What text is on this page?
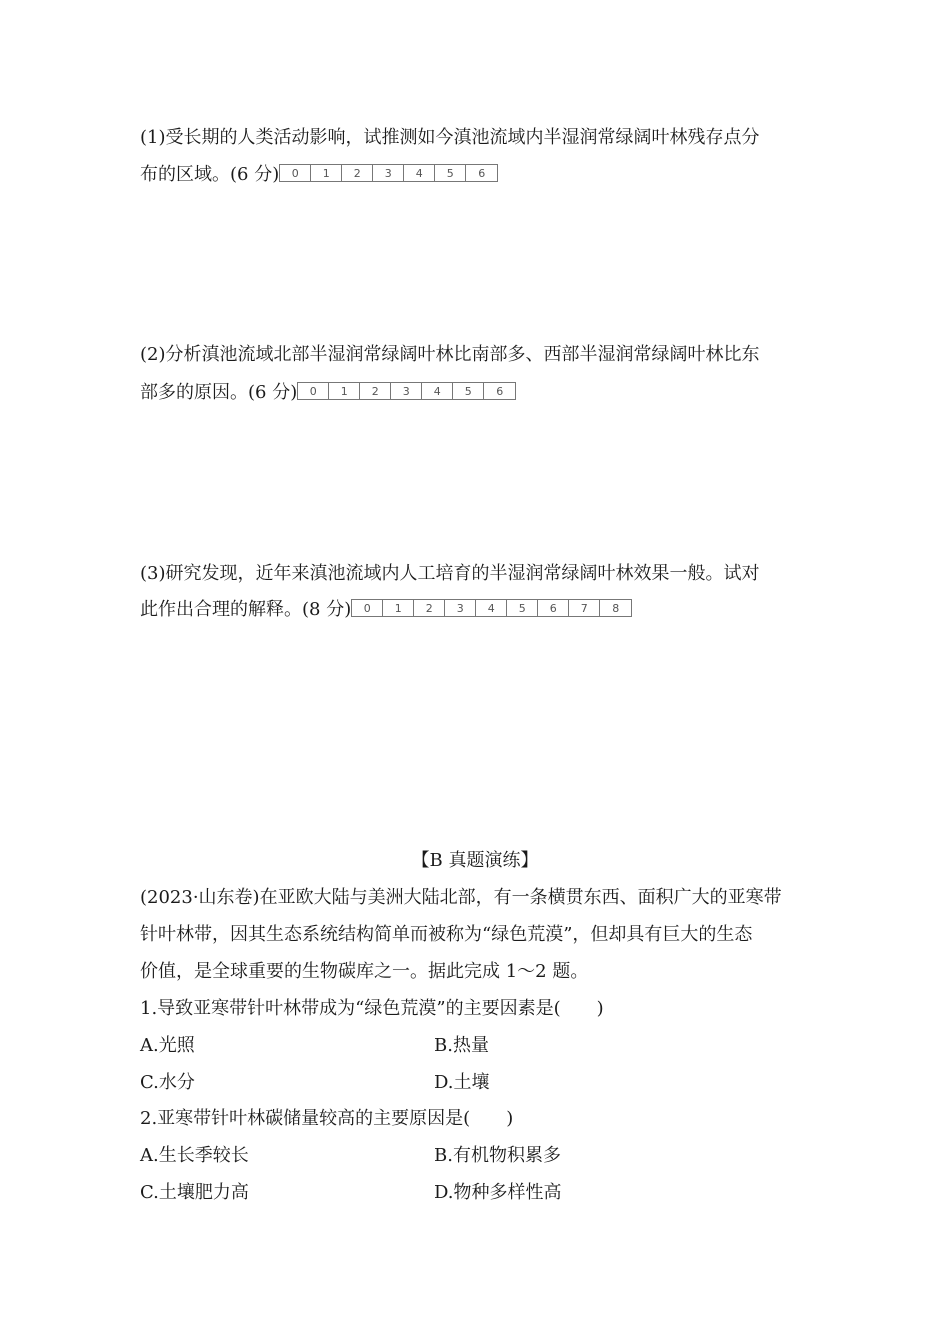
(1)受长期的人类活动影响，试推测如今滇池流域内半湿润常绿阔叶林残存点分
布的区域。(6 分)	0	1	2	3	4	5	6
(2)分析滇池流域北部半湿润常绿阔叶林比南部多、西部半湿润常绿阔叶林比东
部多的原因。(6 分)	0	1	2	3	4	5	6
(3)研究发现，近年来滇池流域内人工培育的半湿润常绿阔叶林效果一般。试对
此作出合理的解释。(8 分)	0	1	2	3	4	5	6	7	8
【B 真题演练】
(2023·山东卷)在亚欧大陆与美洲大陆北部，有一条横贯东西、面积广大的亚寒带
针叶林带，因其生态系统结构简单而被称为“绿色荒漠”，但却具有巨大的生态
价值，是全球重要的生物碳库之一。据此完成 1～2 题。
1.导致亚寒带针叶林带成为“绿色荒漠”的主要因素是(　　)
A.光照	B.热量
C.水分	D.土壤
2.亚寒带针叶林碳储量较高的主要原因是(　　)
A.生长季较长	B.有机物积累多
C.土壤肥力高	D.物种多样性高
